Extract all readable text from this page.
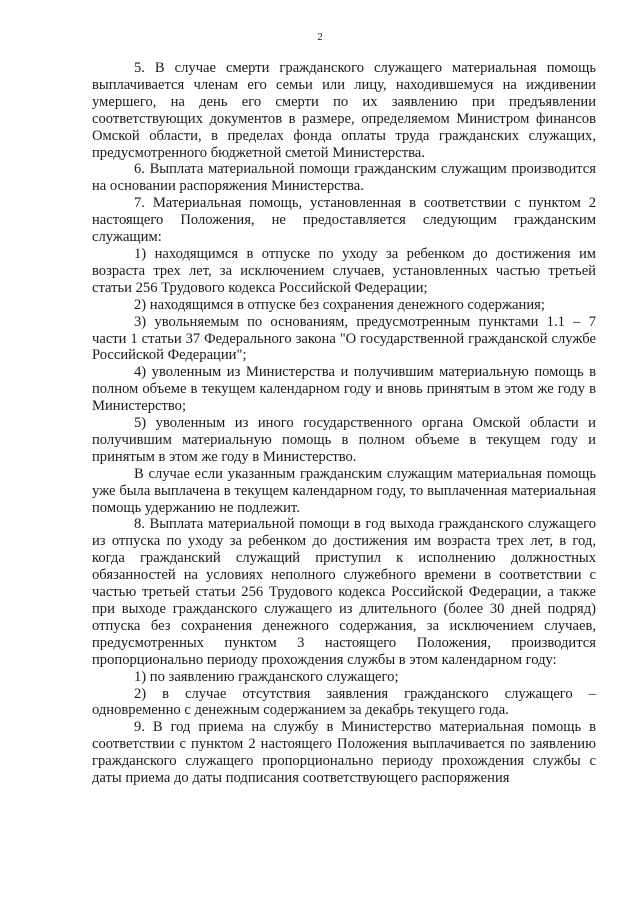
2

5. В случае смерти гражданского служащего материальная помощь выплачивается членам его семьи или лицу, находившемуся на иждивении умершего, на день его смерти по их заявлению при предъявлении соответствующих документов в размере, определяемом Министром финансов Омской области, в пределах фонда оплаты труда гражданских служащих, предусмотренного бюджетной сметой Министерства.

6. Выплата материальной помощи гражданским служащим производится на основании распоряжения Министерства.

7. Материальная помощь, установленная в соответствии с пунктом 2 настоящего Положения, не предоставляется следующим гражданским служащим:

1) находящимся в отпуске по уходу за ребенком до достижения им возраста трех лет, за исключением случаев, установленных частью третьей статьи 256 Трудового кодекса Российской Федерации;

2) находящимся в отпуске без сохранения денежного содержания;

3) увольняемым по основаниям, предусмотренным пунктами 1.1 – 7 части 1 статьи 37 Федерального закона "О государственной гражданской службе Российской Федерации";

4) уволенным из Министерства и получившим материальную помощь в полном объеме в текущем календарном году и вновь принятым в этом же году в Министерство;

5) уволенным из иного государственного органа Омской области и получившим материальную помощь в полном объеме в текущем году и принятым в этом же году в Министерство.

В случае если указанным гражданским служащим материальная помощь уже была выплачена в текущем календарном году, то выплаченная материальная помощь удержанию не подлежит.

8. Выплата материальной помощи в год выхода гражданского служащего из отпуска по уходу за ребенком до достижения им возраста трех лет, в год, когда гражданский служащий приступил к исполнению должностных обязанностей на условиях неполного служебного времени в соответствии с частью третьей статьи 256 Трудового кодекса Российской Федерации, а также при выходе гражданского служащего из длительного (более 30 дней подряд) отпуска без сохранения денежного содержания, за исключением случаев, предусмотренных пунктом 3 настоящего Положения, производится пропорционально периоду прохождения службы в этом календарном году:

1) по заявлению гражданского служащего;

2) в случае отсутствия заявления гражданского служащего – одновременно с денежным содержанием за декабрь текущего года.

9. В год приема на службу в Министерство материальная помощь в соответствии с пунктом 2 настоящего Положения выплачивается по заявлению гражданского служащего пропорционально периоду прохождения службы с даты приема до даты подписания соответствующего распоряжения
